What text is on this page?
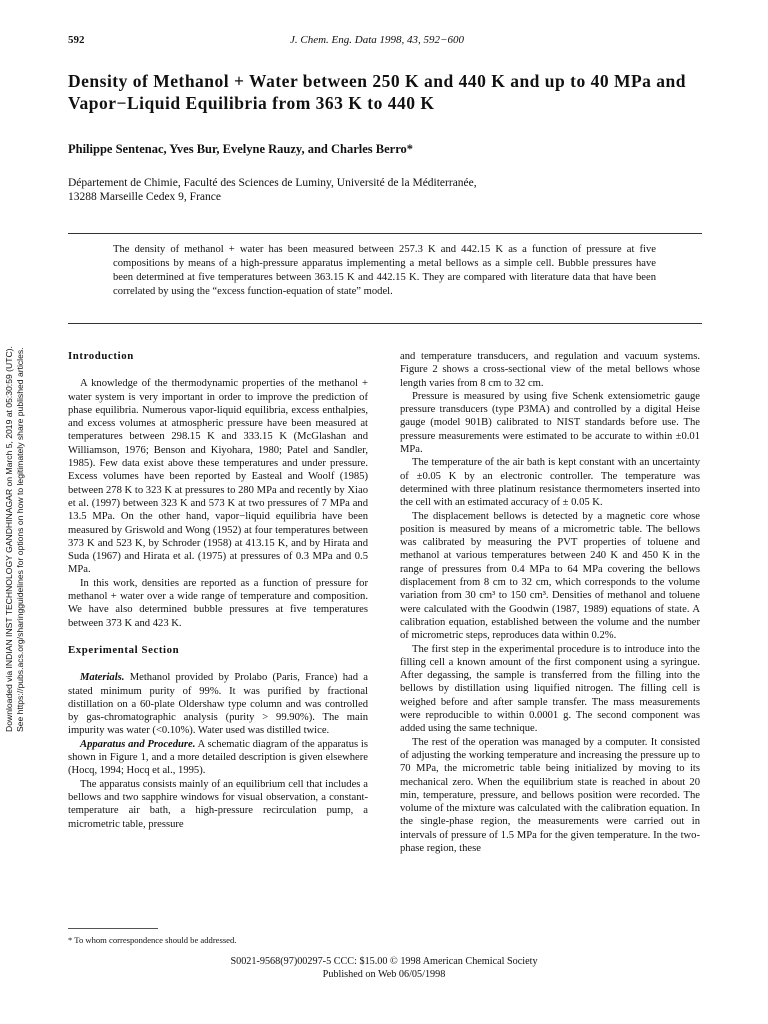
592	J. Chem. Eng. Data 1998, 43, 592−600
Density of Methanol + Water between 250 K and 440 K and up to 40 MPa and Vapor−Liquid Equilibria from 363 K to 440 K
Philippe Sentenac, Yves Bur, Evelyne Rauzy, and Charles Berro*
Département de Chimie, Faculté des Sciences de Luminy, Université de la Méditerranée,
13288 Marseille Cedex 9, France
The density of methanol + water has been measured between 257.3 K and 442.15 K as a function of pressure at five compositions by means of a high-pressure apparatus implementing a metal bellows as a simple cell. Bubble pressures have been determined at five temperatures between 363.15 K and 442.15 K. They are compared with literature data that have been correlated by using the “excess function-equation of state” model.
Downloaded via INDIAN INST TECHNOLOGY GANDHINAGAR on March 5, 2019 at 05:30:59 (UTC). See https://pubs.acs.org/sharingguidelines for options on how to legitimately share published articles.	Introduction

A knowledge of the thermodynamic properties of the methanol + water system is very important in order to improve the prediction of phase equilibria. Numerous vapor-liquid equilibria, excess enthalpies, and excess volumes at atmospheric pressure have been measured at temperatures between 298.15 K and 333.15 K (McGlashan and Williamson, 1976; Benson and Kiyohara, 1980; Patel and Sandler, 1985). Few data exist above these temperatures and under pressure. Excess volumes have been reported by Easteal and Woolf (1985) between 278 K to 323 K at pressures to 280 MPa and recently by Xiao et al. (1997) between 323 K and 573 K at two pressures of 7 MPa and 13.5 MPa. On the other hand, vapor−liquid equilibria have been measured by Griswold and Wong (1952) at four temperatures between 373 K and 523 K, by Schroder (1958) at 413.15 K, and by Hirata and Suda (1967) and Hirata et al. (1975) at pressures of 0.3 MPa and 0.5 MPa.

In this work, densities are reported as a function of pressure for methanol + water over a wide range of temperature and composition. We have also determined bubble pressures at five temperatures between 373 K and 423 K.

Experimental Section

Materials. Methanol provided by Prolabo (Paris, France) had a stated minimum purity of 99%. It was purified by fractional distillation on a 60-plate Oldershaw type column and was controlled by gas-chromatographic analysis (purity > 99.90%). The main impurity was water (<0.10%). Water used was distilled twice.

Apparatus and Procedure. A schematic diagram of the apparatus is shown in Figure 1, and a more detailed description is given elsewhere (Hocq, 1994; Hocq et al., 1995).

The apparatus consists mainly of an equilibrium cell that includes a bellows and two sapphire windows for visual observation, a constant-temperature air bath, a high-pressure recirculation pump, a micrometric table, pressure

and temperature transducers, and regulation and vacuum systems. Figure 2 shows a cross-sectional view of the metal bellows whose length varies from 8 cm to 32 cm.

Pressure is measured by using five Schenk extensiometric gauge pressure transducers (type P3MA) and controlled by a digital Heise gauge (model 901B) calibrated to NIST standards before use. The pressure measurements were estimated to be accurate to within ±0.01 MPa.

The temperature of the air bath is kept constant with an uncertainty of ±0.05 K by an electronic controller. The temperature was determined with three platinum resistance thermometers inserted into the cell with an estimated accuracy of ± 0.05 K.

The displacement bellows is detected by a magnetic core whose position is measured by means of a micrometric table. The bellows was calibrated by measuring the PVT properties of toluene and methanol at various temperatures between 240 K and 450 K in the range of pressures from 0.4 MPa to 64 MPa covering the bellows displacement from 8 cm to 32 cm, which corresponds to the volume variation from 30 cm³ to 150 cm³. Densities of methanol and toluene were calculated with the Goodwin (1987, 1989) equations of state. A calibration equation, established between the volume and the number of micrometric steps, reproduces data within 0.2%.

The first step in the experimental procedure is to introduce into the filling cell a known amount of the first component using a syringue. After degassing, the sample is transferred from the filling into the bellows by distillation using liquified nitrogen. The filling cell is weighed before and after sample transfer. The mass measurements were reproducible to within 0.0001 g. The second component was added using the same technique.

The rest of the operation was managed by a computer. It consisted of adjusting the working temperature and increasing the pressure up to 70 MPa, the micrometric table being initialized by moving to its mechanical zero. When the equilibrium state is reached in about 20 min, temperature, pressure, and bellows position were recorded. The volume of the mixture was calculated with the calibration equation. In the single-phase region, the measurements were carried out in intervals of pressure of 1.5 MPa for the given temperature. In the two-phase region, these

* To whom correspondence should be addressed.
S0021-9568(97)00297-5 CCC: $15.00 © 1998 American Chemical Society
Published on Web 06/05/1998
